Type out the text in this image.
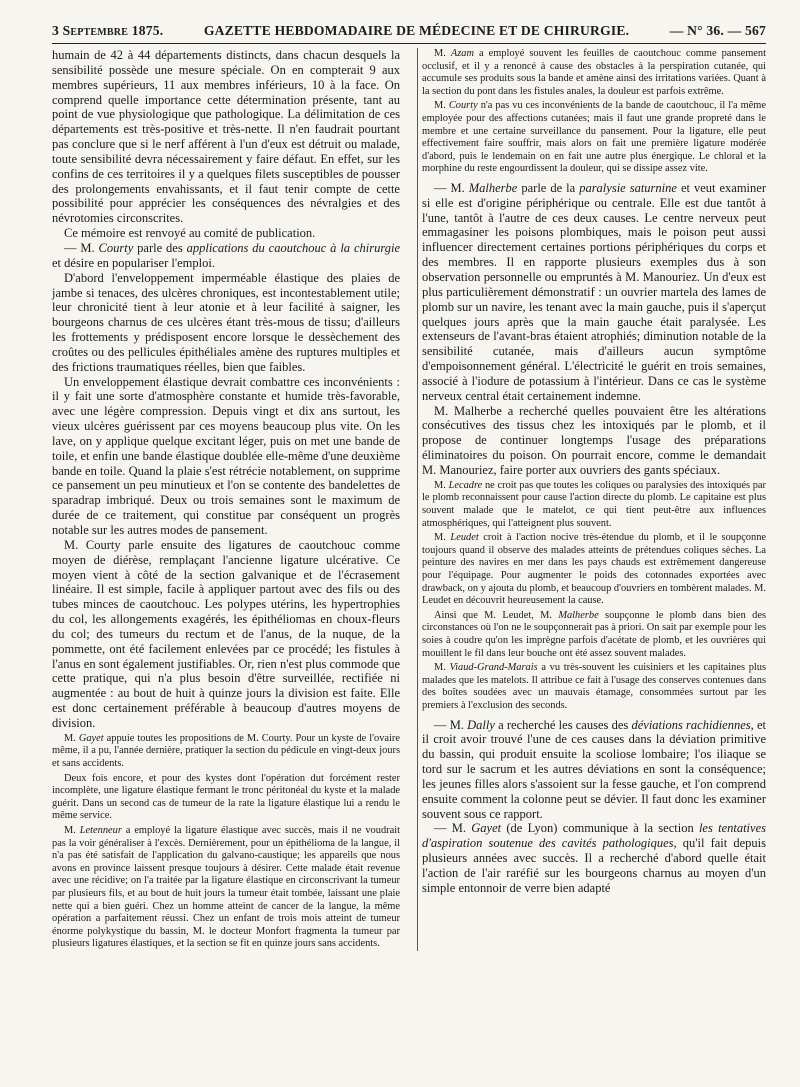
3 Septembre 1875.	GAZETTE HEBDOMADAIRE DE MÉDECINE ET DE CHIRURGIE.	— N° 36. — 567

humain de 42 à 44 départements distincts, dans chacun desquels la sensibilité possède une mesure spéciale. On en compterait 9 aux membres supérieurs, 11 aux membres inférieurs, 10 à la face. On comprend quelle importance cette détermination présente, tant au point de vue physiologique que pathologique. La délimitation de ces départements est très-positive et très-nette. Il n'en faudrait pourtant pas conclure que si le nerf afférent à l'un d'eux est détruit ou malade, toute sensibilité devra nécessairement y faire défaut. En effet, sur les confins de ces territoires il y a quelques filets susceptibles de pousser des prolongements envahissants, et il faut tenir compte de cette possibilité pour apprécier les conséquences des névralgies et des névrotomies circonscrites.

Ce mémoire est renvoyé au comité de publication.

— M. Courty parle des applications du caoutchouc à la chirurgie et désire en populariser l'emploi.

D'abord l'enveloppement imperméable élastique des plaies de jambe si tenaces, des ulcères chroniques, est incontestablement utile; leur chronicité tient à leur atonie et à leur facilité à saigner, les bourgeons charnus de ces ulcères étant très-mous de tissu; d'ailleurs les frottements y prédisposent encore lorsque le dessèchement des croûtes ou des pellicules épithéliales amène des ruptures multiples et des frictions traumatiques réelles, bien que faibles.

Un enveloppement élastique devrait combattre ces inconvénients : il y fait une sorte d'atmosphère constante et humide très-favorable, avec une légère compression. Depuis vingt et dix ans surtout, les vieux ulcères guérissent par ces moyens beaucoup plus vite. On les lave, on y applique quelque excitant léger, puis on met une bande de toile, et enfin une bande élastique doublée elle-même d'une deuxième bande en toile. Quand la plaie s'est rétrécie notablement, on supprime ce pansement un peu minutieux et l'on se contente des bandelettes de sparadrap imbriqué. Deux ou trois semaines sont le maximum de durée de ce traitement, qui constitue par conséquent un progrès notable sur les autres modes de pansement.

M. Courty parle ensuite des ligatures de caoutchouc comme moyen de diérèse, remplaçant l'ancienne ligature ulcérative. Ce moyen vient à côté de la section galvanique et de l'écrasement linéaire. Il est simple, facile à appliquer partout avec des fils ou des tubes minces de caoutchouc. Les polypes utérins, les hypertrophies du col, les allongements exagérés, les épithéliomas en choux-fleurs du col; des tumeurs du rectum et de l'anus, de la nuque, de la pommette, ont été facilement enlevées par ce procédé; les fistules à l'anus en sont également justifiables. Or, rien n'est plus commode que cette pratique, qui n'a plus besoin d'être surveillée, rectifiée ni augmentée : au bout de huit à quinze jours la division est faite. Elle est donc certainement préférable à beaucoup d'autres moyens de division.

M. Gayet appuie toutes les propositions de M. Courty. Pour un kyste de l'ovaire même, il a pu, l'année dernière, pratiquer la section du pédicule en vingt-deux jours et sans accidents.

Deux fois encore, et pour des kystes dont l'opération dut forcément rester incomplète, une ligature élastique fermant le tronc péritonéal du kyste et la malade guérit. Dans un second cas de tumeur de la rate la ligature élastique lui a rendu le même service.

M. Letenneur a employé la ligature élastique avec succès, mais il ne voudrait pas la voir généraliser à l'excès. Dernièrement, pour un épithélioma de la langue, il n'a pas été satisfait de l'application du galvano-caustique; les appareils que nous avons en province laissent presque toujours à désirer. Cette malade était revenue avec une récidive; on l'a traitée par la ligature élastique en circonscrivant la tumeur par plusieurs fils, et au bout de huit jours la tumeur était tombée, laissant une plaie nette qui a bien guéri. Chez un homme atteint de cancer de la langue, la même opération a parfaitement réussi. Chez un enfant de trois mois atteint de tumeur énorme polykystique du bassin, M. le docteur Monfort fragmenta la tumeur par plusieurs ligatures élastiques, et la section se fit en quinze jours sans accidents.

M. Azam a employé souvent les feuilles de caoutchouc comme pansement occlusif, et il y a renoncé à cause des obstacles à la perspiration cutanée, qui accumule ses produits sous la bande et amène ainsi des irritations variées. Quant à la section du pont dans les fistules anales, la douleur est parfois extrême.

M. Courty n'a pas vu ces inconvénients de la bande de caoutchouc, il l'a même employée pour des affections cutanées; mais il faut une grande propreté dans le membre et une certaine surveillance du pansement. Pour la ligature, elle peut effectivement faire souffrir, mais alors on fait une première ligature modérée d'abord, puis le lendemain on en fait une autre plus énergique. Le chloral et la morphine du reste engourdissent la douleur, qui se dissipe assez vite.

— M. Malherbe parle de la paralysie saturnine et veut examiner si elle est d'origine périphérique ou centrale. Elle est due tantôt à l'une, tantôt à l'autre de ces deux causes. Le centre nerveux peut emmagasiner les poisons plombiques, mais le poison peut aussi influencer directement certaines portions périphériques du corps et des membres. Il en rapporte plusieurs exemples dus à son observation personnelle ou empruntés à M. Manouriez. Un d'eux est plus particulièrement démonstratif : un ouvrier martela des lames de plomb sur un navire, les tenant avec la main gauche, puis il s'aperçut quelques jours après que la main gauche était paralysée. Les extenseurs de l'avant-bras étaient atrophiés; diminution notable de la sensibilité cutanée, mais d'ailleurs aucun symptôme d'empoisonnement général. L'électricité le guérit en trois semaines, associé à l'iodure de potassium à l'intérieur. Dans ce cas le système nerveux central était certainement indemne.

M. Malherbe a recherché quelles pouvaient être les altérations consécutives des tissus chez les intoxiqués par le plomb, et il propose de continuer longtemps l'usage des préparations éliminatoires du poison. On pourrait encore, comme le demandait M. Manouriez, faire porter aux ouvriers des gants spéciaux.

M. Lecadre ne croit pas que toutes les coliques ou paralysies des intoxiqués par le plomb reconnaissent pour cause l'action directe du plomb. Le capitaine est plus souvent malade que le matelot, ce qui tient peut-être aux influences atmosphériques, qui l'atteignent plus souvent.

M. Leudet croit à l'action nocive très-étendue du plomb, et il le soupçonne toujours quand il observe des malades atteints de prétendues coliques sèches. La peinture des navires en mer dans les pays chauds est extrêmement dangereuse pour l'équipage. Pour augmenter le poids des cotonnades exportées avec drawback, on y ajouta du plomb, et beaucoup d'ouvriers en tombèrent malades. M. Leudet en découvrit heureusement la cause.

Ainsi que M. Leudet, M. Malherbe soupçonne le plomb dans bien des circonstances où l'on ne le soupçonnerait pas à priori. On sait par exemple pour les soies à coudre qu'on les imprègne parfois d'acétate de plomb, et les ouvrières qui mouillent le fil dans leur bouche ont été assez souvent malades.

M. Viaud-Grand-Marais a vu très-souvent les cuisiniers et les capitaines plus malades que les matelots. Il attribue ce fait à l'usage des conserves contenues dans des boîtes soudées avec un mauvais étamage, consommées surtout par les premiers à l'exclusion des seconds.

— M. Dally a recherché les causes des déviations rachidiennes, et il croit avoir trouvé l'une de ces causes dans la déviation primitive du bassin, qui produit ensuite la scoliose lombaire; l'os iliaque se tord sur le sacrum et les autres déviations en sont la conséquence; les jeunes filles alors s'assoient sur la fesse gauche, et l'on comprend ensuite comment la colonne peut se dévier. Il faut donc les examiner souvent sous ce rapport.

— M. Gayet (de Lyon) communique à la section les tentatives d'aspiration soutenue des cavités pathologiques, qu'il fait depuis plusieurs années avec succès. Il a recherché d'abord quelle était l'action de l'air raréfié sur les bourgeons charnus au moyen d'un simple entonnoir de verre bien adapté
